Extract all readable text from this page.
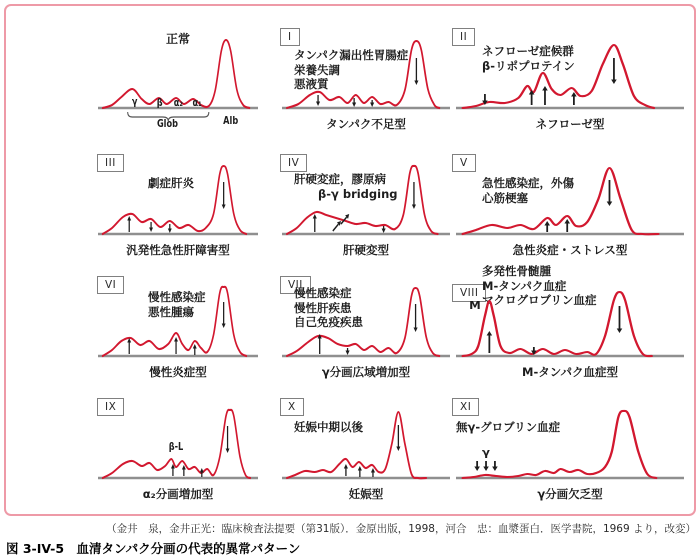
正常
γ β α₂ α₁
Glob	Alb
I
タンパク漏出性胃腸症
栄養失調
悪液質
タンパク不足型
II
ネフローゼ症候群
β-リポプロテイン
ネフローゼ型
III
劇症肝炎
汎発性急性肝障害型
IV
肝硬変症，膠原病
β-γ bridging
肝硬変型
V
急性感染症，外傷
心筋梗塞
急性炎症・ストレス型
VI
慢性感染症
悪性腫瘍
慢性炎症型
VII
慢性感染症
慢性肝疾患
自己免疫疾患
γ分画広域増加型
VIII
多発性骨髄腫
M-タンパク血症
マクログロブリン血症
M
M-タンパク血症型
IX
β-L
α₂分画増加型
X
妊娠中期以後
妊娠型
XI
無γ-グロブリン血症
γ
γ分画欠乏型
（金井　泉，金井正光：臨床検査法提要（第31版）．金原出版，1998，河合　忠：血漿蛋白．医学書院，1969 より，改変）
図 3-IV-5　血清タンパク分画の代表的異常パターン
